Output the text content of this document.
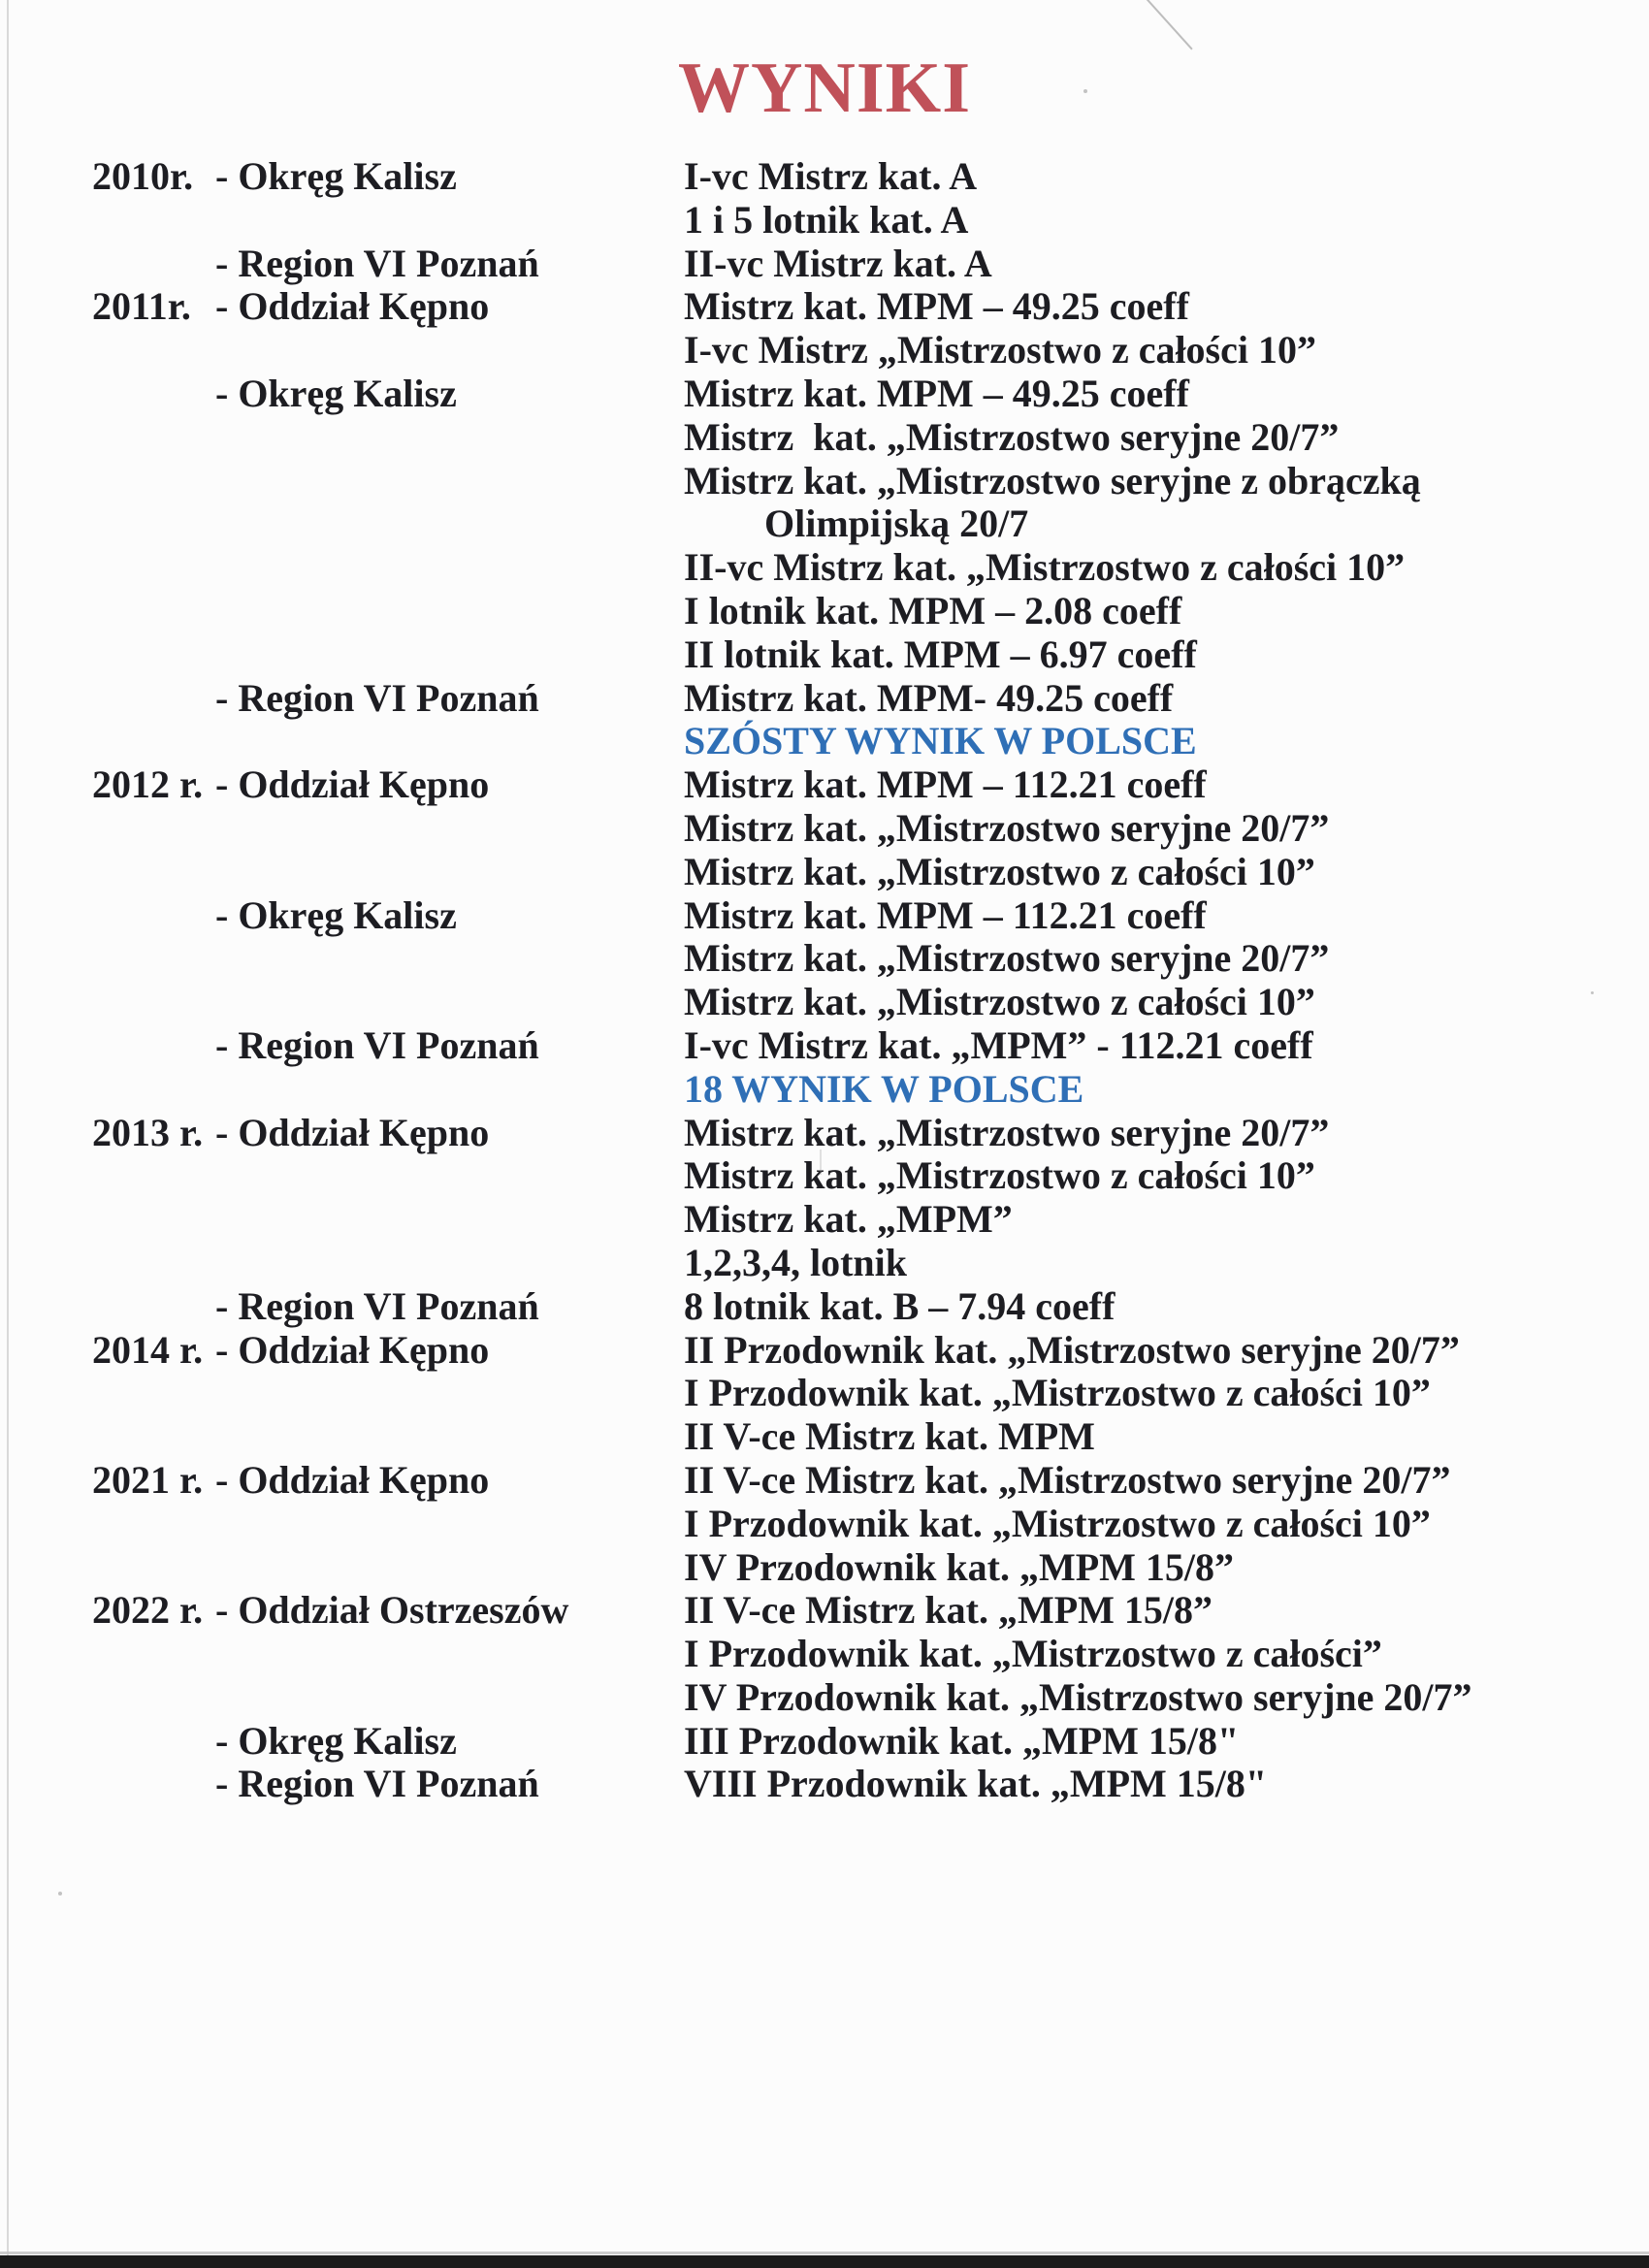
WYNIKI
2010r. - Okręg Kalisz	I-vc Mistrz kat. A
1 i 5 lotnik kat. A
- Region VI Poznań	II-vc Mistrz kat. A
2011r. - Oddział Kępno	Mistrz kat. MPM – 49.25 coeff
I-vc Mistrz „Mistrzostwo z całości 10”
- Okręg Kalisz	Mistrz kat. MPM – 49.25 coeff
Mistrz  kat. „Mistrzostwo seryjne 20/7”
Mistrz kat. „Mistrzostwo seryjne z obrączką
Olimpijską 20/7
II-vc Mistrz kat. „Mistrzostwo z całości 10”
I lotnik kat. MPM – 2.08 coeff
II lotnik kat. MPM – 6.97 coeff
- Region VI Poznań	Mistrz kat. MPM- 49.25 coeff
SZÓSTY WYNIK W POLSCE
2012 r. - Oddział Kępno	Mistrz kat. MPM – 112.21 coeff
Mistrz kat. „Mistrzostwo seryjne 20/7”
Mistrz kat. „Mistrzostwo z całości 10”
- Okręg Kalisz	Mistrz kat. MPM – 112.21 coeff
Mistrz kat. „Mistrzostwo seryjne 20/7”
Mistrz kat. „Mistrzostwo z całości 10”
- Region VI Poznań	I-vc Mistrz kat. „MPM” - 112.21 coeff
18 WYNIK W POLSCE
2013 r. - Oddział Kępno	Mistrz kat. „Mistrzostwo seryjne 20/7”
Mistrz kat. „Mistrzostwo z całości 10”
Mistrz kat. „MPM”
1,2,3,4, lotnik
- Region VI Poznań	8 lotnik kat. B – 7.94 coeff
2014 r. - Oddział Kępno	II Przodownik kat. „Mistrzostwo seryjne 20/7”
I Przodownik kat. „Mistrzostwo z całości 10”
II V-ce Mistrz kat. MPM
2021 r. - Oddział Kępno	II V-ce Mistrz kat. „Mistrzostwo seryjne 20/7”
I Przodownik kat. „Mistrzostwo z całości 10”
IV Przodownik kat. „MPM 15/8”
2022 r. - Oddział Ostrzeszów	II V-ce Mistrz kat. „MPM 15/8”
I Przodownik kat. „Mistrzostwo z całości”
IV Przodownik kat. „Mistrzostwo seryjne 20/7”
- Okręg Kalisz	III Przodownik kat. „MPM 15/8"
- Region VI Poznań	VIII Przodownik kat. „MPM 15/8"
